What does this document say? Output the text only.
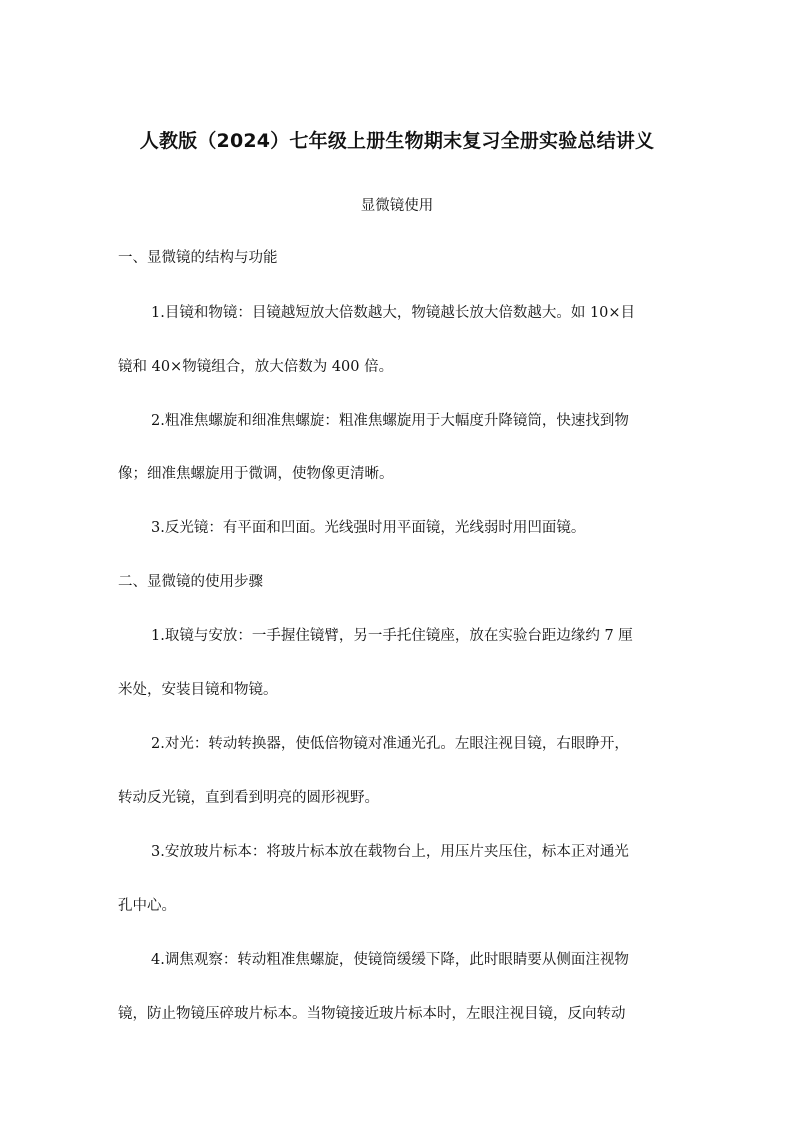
人教版（2024）七年级上册生物期末复习全册实验总结讲义
显微镜使用
一、显微镜的结构与功能
1.目镜和物镜：目镜越短放大倍数越大，物镜越长放大倍数越大。如 10×目
镜和 40×物镜组合，放大倍数为 400 倍。
2.粗准焦螺旋和细准焦螺旋：粗准焦螺旋用于大幅度升降镜筒，快速找到物
像；细准焦螺旋用于微调，使物像更清晰。
3.反光镜：有平面和凹面。光线强时用平面镜，光线弱时用凹面镜。
二、显微镜的使用步骤
1.取镜与安放：一手握住镜臂，另一手托住镜座，放在实验台距边缘约 7 厘
米处，安装目镜和物镜。
2.对光：转动转换器，使低倍物镜对准通光孔。左眼注视目镜，右眼睁开，
转动反光镜，直到看到明亮的圆形视野。
3.安放玻片标本：将玻片标本放在载物台上，用压片夹压住，标本正对通光
孔中心。
4.调焦观察：转动粗准焦螺旋，使镜筒缓缓下降，此时眼睛要从侧面注视物
镜，防止物镜压碎玻片标本。当物镜接近玻片标本时，左眼注视目镜，反向转动
